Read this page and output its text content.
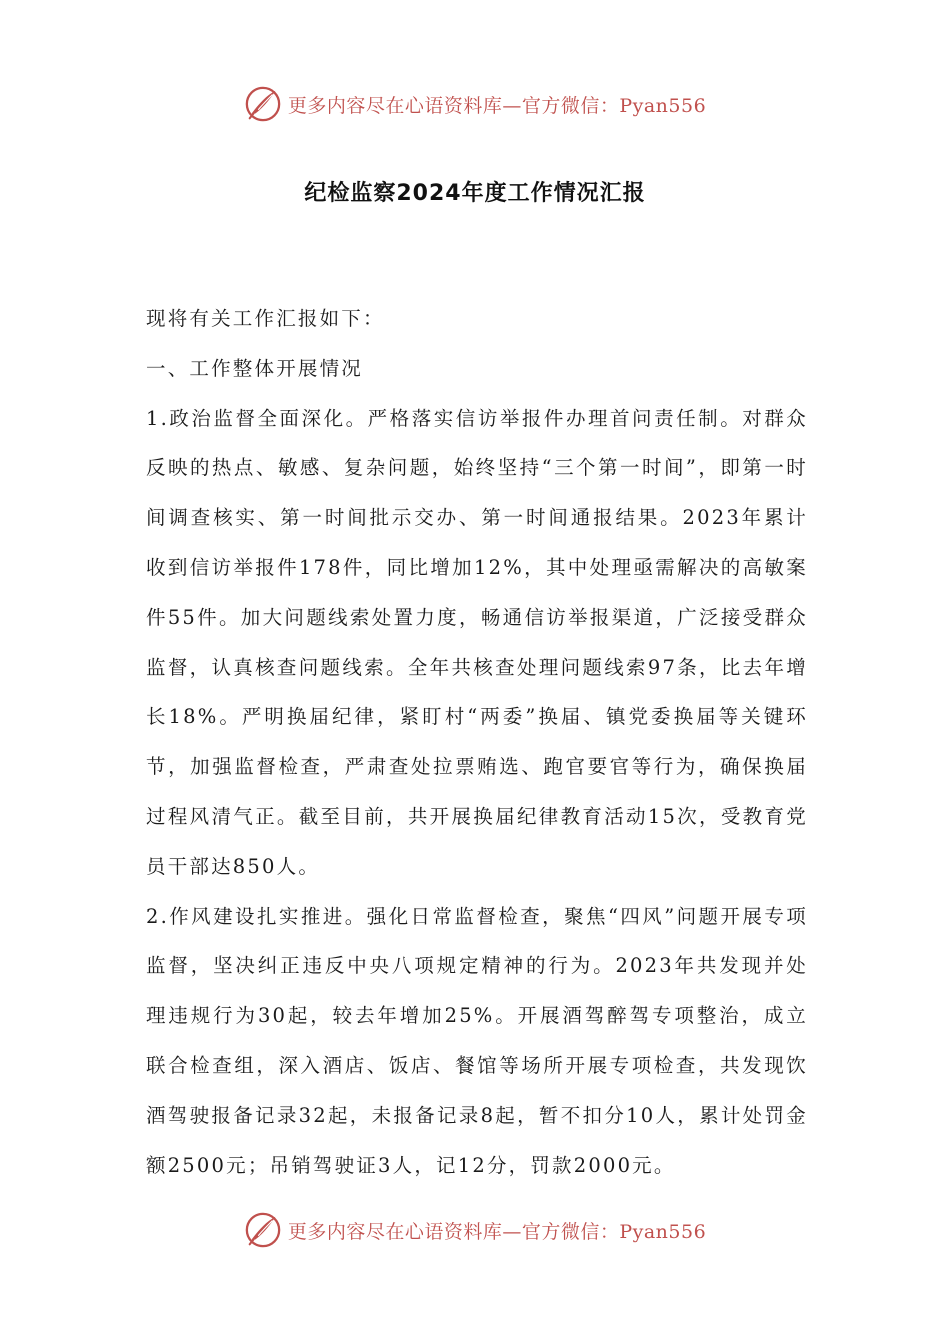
更多内容尽在心语资料库—官方微信：Pyan556
纪检监察2024年度工作情况汇报

现将有关工作汇报如下：

一、工作整体开展情况

1.政治监督全面深化。严格落实信访举报件办理首问责任制。对群众反映的热点、敏感、复杂问题，始终坚持“三个第一时间”，即第一时间调查核实、第一时间批示交办、第一时间通报结果。2023年累计收到信访举报件178件，同比增加12%，其中处理亟需解决的高敏案件55件。加大问题线索处置力度，畅通信访举报渠道，广泛接受群众监督，认真核查问题线索。全年共核查处理问题线索97条，比去年增长18%。严明换届纪律，紧盯村“两委”换届、镇党委换届等关键环节，加强监督检查，严肃查处拉票贿选、跑官要官等行为，确保换届过程风清气正。截至目前，共开展换届纪律教育活动15次，受教育党员干部达850人。

2.作风建设扎实推进。强化日常监督检查，聚焦“四风”问题开展专项监督，坚决纠正违反中央八项规定精神的行为。2023年共发现并处理违规行为30起，较去年增加25%。开展酒驾醉驾专项整治，成立联合检查组，深入酒店、饭店、餐馆等场所开展专项检查，共发现饮酒驾驶报备记录32起，未报备记录8起，暂不扣分10人，累计处罚金额2500元；吊销驾驶证3人，记12分，罚款2000元。

更多内容尽在心语资料库—官方微信：Pyan556
